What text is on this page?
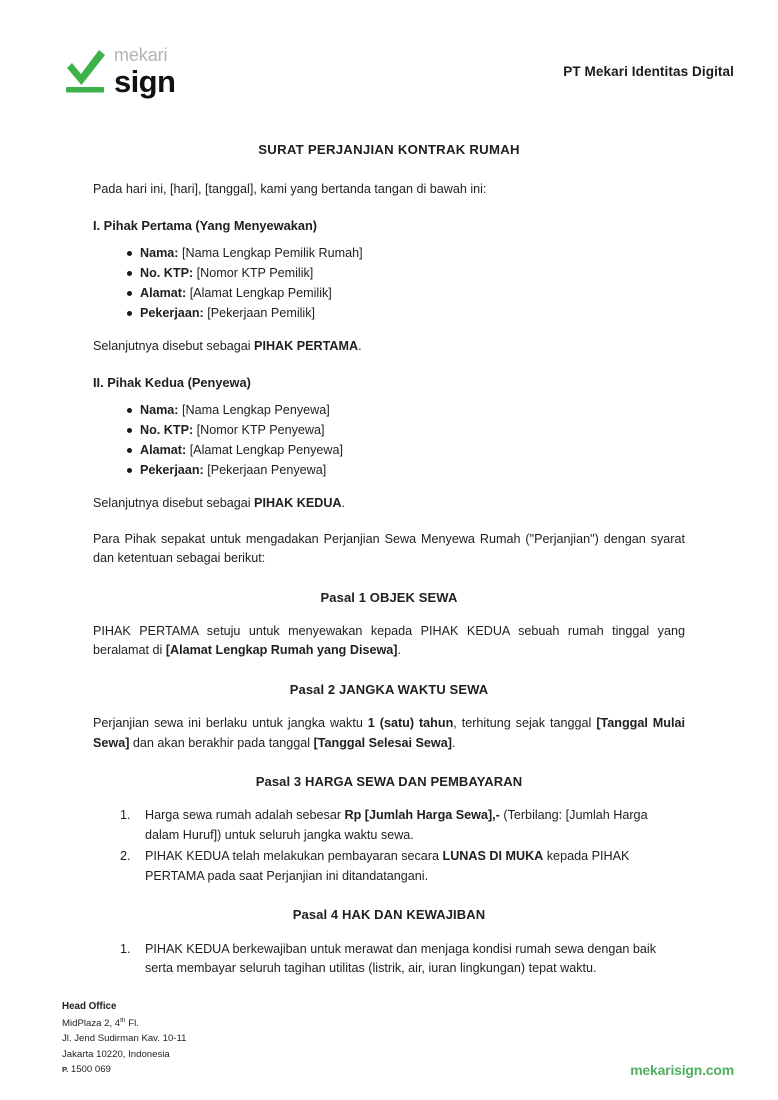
mekari
sign	PT Mekari Identitas Digital
SURAT PERJANJIAN KONTRAK RUMAH

Pada hari ini, [hari], [tanggal], kami yang bertanda tangan di bawah ini:

I. Pihak Pertama (Yang Menyewakan)
Nama: [Nama Lengkap Pemilik Rumah]
No. KTP: [Nomor KTP Pemilik]
Alamat: [Alamat Lengkap Pemilik]
Pekerjaan: [Pekerjaan Pemilik]

Selanjutnya disebut sebagai PIHAK PERTAMA.

II. Pihak Kedua (Penyewa)
Nama: [Nama Lengkap Penyewa]
No. KTP: [Nomor KTP Penyewa]
Alamat: [Alamat Lengkap Penyewa]
Pekerjaan: [Pekerjaan Penyewa]

Selanjutnya disebut sebagai PIHAK KEDUA.

Para Pihak sepakat untuk mengadakan Perjanjian Sewa Menyewa Rumah ("Perjanjian") dengan syarat dan ketentuan sebagai berikut:

Pasal 1 OBJEK SEWA

PIHAK PERTAMA setuju untuk menyewakan kepada PIHAK KEDUA sebuah rumah tinggal yang beralamat di [Alamat Lengkap Rumah yang Disewa].

Pasal 2 JANGKA WAKTU SEWA

Perjanjian sewa ini berlaku untuk jangka waktu 1 (satu) tahun, terhitung sejak tanggal [Tanggal Mulai Sewa] dan akan berakhir pada tanggal [Tanggal Selesai Sewa].

Pasal 3 HARGA SEWA DAN PEMBAYARAN
Harga sewa rumah adalah sebesar Rp [Jumlah Harga Sewa],- (Terbilang: [Jumlah Harga dalam Huruf]) untuk seluruh jangka waktu sewa.
PIHAK KEDUA telah melakukan pembayaran secara LUNAS DI MUKA kepada PIHAK PERTAMA pada saat Perjanjian ini ditandatangani.
Pasal 4 HAK DAN KEWAJIBAN
PIHAK KEDUA berkewajiban untuk merawat dan menjaga kondisi rumah sewa dengan baik serta membayar seluruh tagihan utilitas (listrik, air, iuran lingkungan) tepat waktu.
Head Office
MidPlaza 2, 4th Fl.
Jl. Jend Sudirman Kav. 10-11
Jakarta 10220, Indonesia
P. 1500 069	mekarisign.com
